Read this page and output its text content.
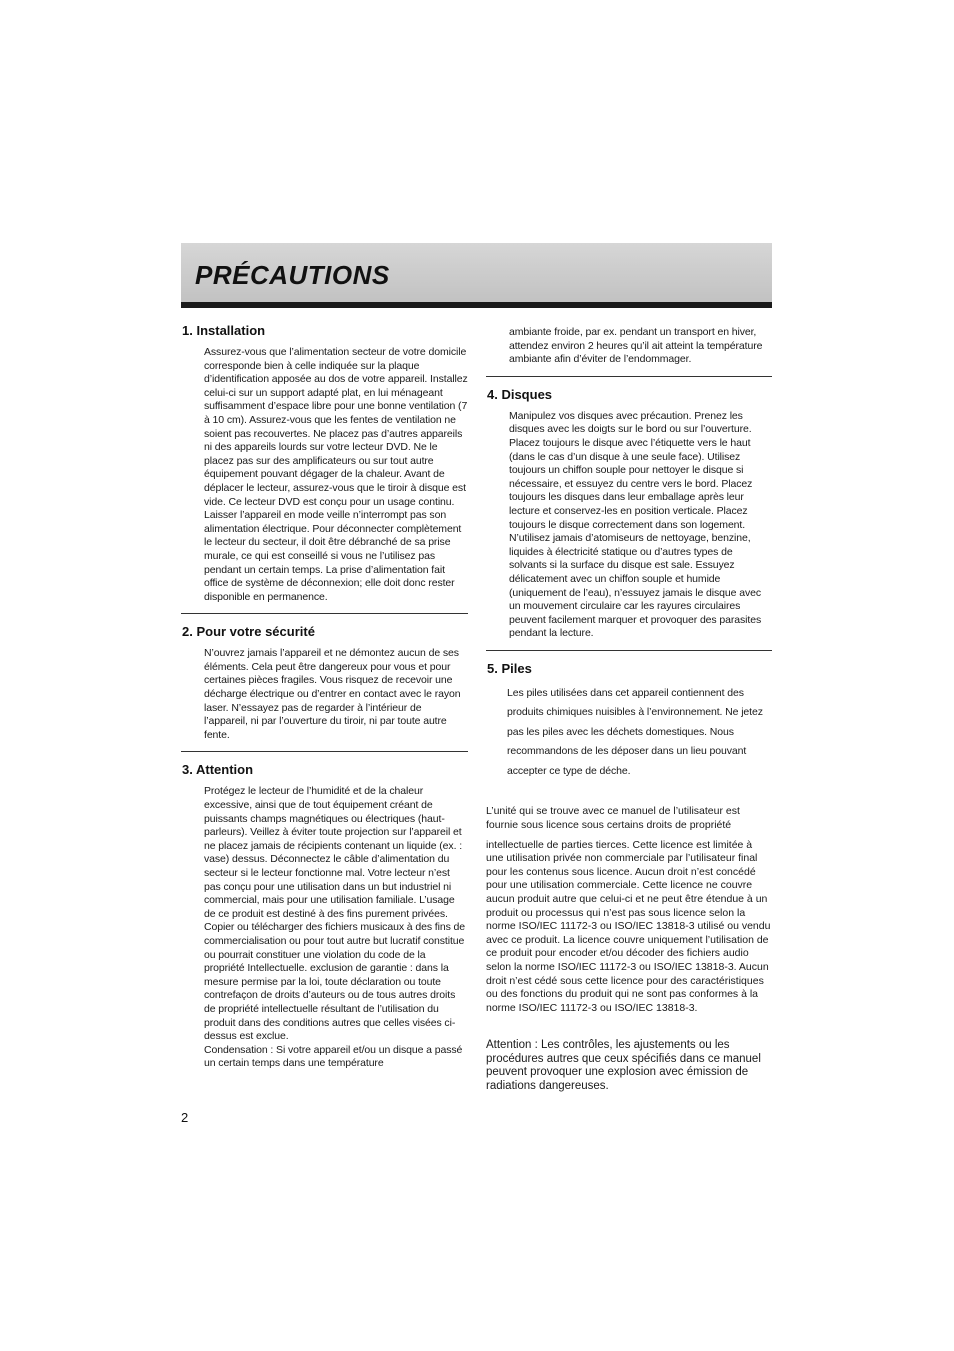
PRÉCAUTIONS
1. Installation

Assurez-vous que l’alimentation secteur de votre domicile corresponde bien à celle indiquée sur la plaque d’identification apposée au dos de votre appareil. Installez celui-ci sur un support adapté plat, en lui ménageant suffisamment d’espace libre pour une bonne ventilation (7 à 10 cm). Assurez-vous que les fentes de ventilation ne soient pas recouvertes. Ne placez pas d’autres appareils ni des appareils lourds sur votre lecteur DVD. Ne le placez pas sur des amplificateurs ou sur tout autre équipement pouvant dégager de la chaleur. Avant de déplacer le lecteur, assurez-vous que le tiroir à disque est vide. Ce lecteur DVD est conçu pour un usage continu. Laisser l’appareil en mode veille n’interrompt pas son alimentation électrique. Pour déconnecter complètement le lecteur du secteur, il doit être débranché de sa prise murale, ce qui est conseillé si vous ne l’utilisez pas pendant un certain temps. La prise d’alimentation fait office de système de déconnexion; elle doit donc rester disponible en permanence.

2. Pour votre sécurité

N’ouvrez jamais l’appareil et ne démontez aucun de ses éléments. Cela peut être dangereux pour vous et pour certaines pièces fragiles. Vous risquez de recevoir une décharge électrique ou d’entrer en contact avec le rayon laser. N’essayez pas de regarder à l’intérieur de l’appareil, ni par l’ouverture du tiroir, ni par toute autre fente.

3. Attention

Protégez le lecteur de l’humidité et de la chaleur excessive, ainsi que de tout équipement créant de puissants champs magnétiques ou électriques (haut-parleurs). Veillez à éviter toute projection sur l’appareil et ne placez jamais de récipients contenant un liquide (ex. : vase) dessus. Déconnectez le câble d’alimentation du secteur si le lecteur fonctionne mal. Votre lecteur n’est pas conçu pour une utilisation dans un but industriel ni commercial, mais pour une utilisation familiale. L’usage de ce produit est destiné à des fins purement privées. Copier ou télécharger des fichiers musicaux à des fins de commercialisation ou pour tout autre but lucratif constitue ou pourrait constituer une violation du code de la propriété Intellectuelle. exclusion de garantie : dans la mesure permise par la loi, toute déclaration ou toute contrefaçon de droits d’auteurs ou de tous autres droits de propriété intellectuelle résultant de l’utilisation du produit dans des conditions autres que celles visées ci-dessus est exclue.

Condensation : Si votre appareil et/ou un disque a passé un certain temps dans une température

ambiante froide, par ex. pendant un transport en hiver, attendez environ 2 heures qu’il ait atteint la température ambiante afin d’éviter de l’endommager.

4. Disques

Manipulez vos disques avec précaution. Prenez les disques avec les doigts sur le bord ou sur l’ouverture. Placez toujours le disque avec l’étiquette vers le haut (dans le cas d’un disque à une seule face). Utilisez toujours un chiffon souple pour nettoyer le disque si nécessaire, et essuyez du centre vers le bord. Placez toujours les disques dans leur emballage après leur lecture et conservez-les en position verticale. Placez toujours le disque correctement dans son logement. N’utilisez jamais d’atomiseurs de nettoyage, benzine, liquides à électricité statique ou d’autres types de solvants si la surface du disque est sale. Essuyez délicatement avec un chiffon souple et humide (uniquement de l’eau), n’essuyez jamais le disque avec un mouvement circulaire car les rayures circulaires peuvent facilement marquer et provoquer des parasites pendant la lecture.

5. Piles

Les piles utilisées dans cet appareil contiennent des produits chimiques nuisibles à l’environnement. Ne jetez pas les piles avec les déchets domestiques. Nous recommandons de les déposer dans un lieu pouvant accepter ce type de déche.

L’unité qui se trouve avec ce manuel de l’utilisateur est fournie sous licence sous certains droits de propriété

intellectuelle de parties tierces. Cette licence est limitée à une utilisation privée non commerciale par l’utilisateur final pour les contenus sous licence. Aucun droit n’est concédé pour une utilisation commerciale. Cette licence ne couvre aucun produit autre que celui-ci et ne peut être étendue à un produit ou processus qui n’est pas sous licence selon la norme ISO/IEC 11172-3 ou ISO/IEC 13818-3 utilisé ou vendu avec ce produit. La licence couvre uniquement l’utilisation de ce produit pour encoder et/ou décoder des fichiers audio selon la norme ISO/IEC 11172-3 ou ISO/IEC 13818-3. Aucun droit n’est cédé sous cette licence pour des caractéristiques ou des fonctions du produit qui ne sont pas conformes à la norme ISO/IEC 11172-3 ou ISO/IEC 13818-3.

Attention : Les contrôles, les ajustements ou les procédures autres que ceux spécifiés dans ce manuel peuvent provoquer une explosion avec émission de radiations dangereuses.

2
